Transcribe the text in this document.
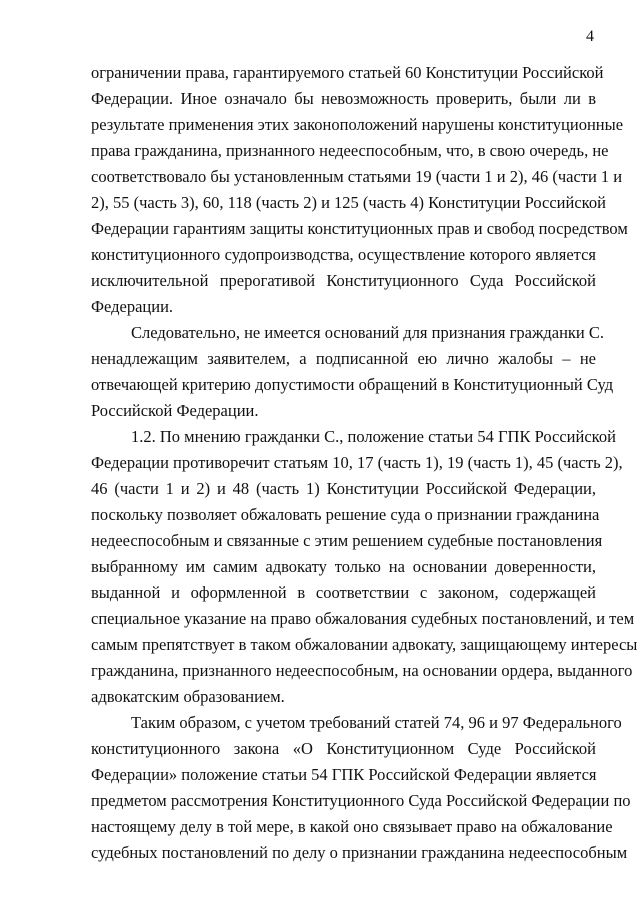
4
ограничении права, гарантируемого статьей 60 Конституции Российской
Федерации. Иное означало бы невозможность проверить, были ли в
результате применения этих законоположений нарушены конституционные
права гражданина, признанного недееспособным, что, в свою очередь, не
соответствовало бы установленным статьями 19 (части 1 и 2), 46 (части 1 и
2), 55 (часть 3), 60, 118 (часть 2) и 125 (часть 4) Конституции Российской
Федерации гарантиям защиты конституционных прав и свобод посредством
конституционного судопроизводства, осуществление которого является
исключительной прерогативой Конституционного Суда Российской
Федерации.
Следовательно, не имеется оснований для признания гражданки С.
ненадлежащим заявителем, а подписанной ею лично жалобы – не
отвечающей критерию допустимости обращений в Конституционный Суд
Российской Федерации.
1.2. По мнению гражданки С., положение статьи 54 ГПК Российской
Федерации противоречит статьям 10, 17 (часть 1), 19 (часть 1), 45 (часть 2),
46 (части 1 и 2) и 48 (часть 1) Конституции Российской Федерации,
поскольку позволяет обжаловать решение суда о признании гражданина
недееспособным и связанные с этим решением судебные постановления
выбранному им самим адвокату только на основании доверенности,
выданной и оформленной в соответствии с законом, содержащей
специальное указание на право обжалования судебных постановлений, и тем
самым препятствует в таком обжаловании адвокату, защищающему интересы
гражданина, признанного недееспособным, на основании ордера, выданного
адвокатским образованием.
Таким образом, с учетом требований статей 74, 96 и 97 Федерального
конституционного закона «О Конституционном Суде Российской
Федерации» положение статьи 54 ГПК Российской Федерации является
предметом рассмотрения Конституционного Суда Российской Федерации по
настоящему делу в той мере, в какой оно связывает право на обжалование
судебных постановлений по делу о признании гражданина недееспособным
